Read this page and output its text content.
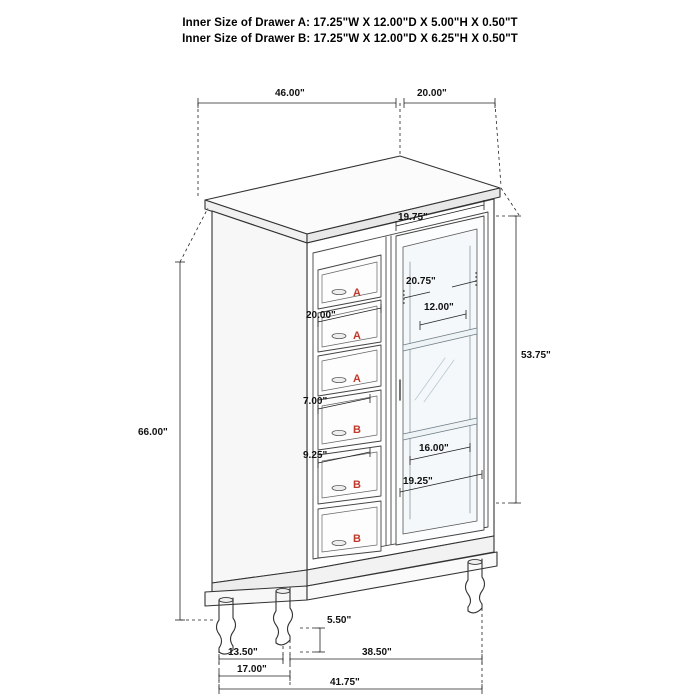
Inner Size of Drawer A: 17.25"W X 12.00"D X 5.00"H X 0.50"T
Inner Size of Drawer B: 17.25"W X 12.00"D X 6.25"H X 0.50"T
46.00"	20.00"
66.00"
53.75"
19.75"
20.75"
12.00"
16.00"
19.25"
20.00"
7.00"
9.25"
5.50"
13.50"	38.50"
17.00"
41.75"
A
A
A
B
B
B
